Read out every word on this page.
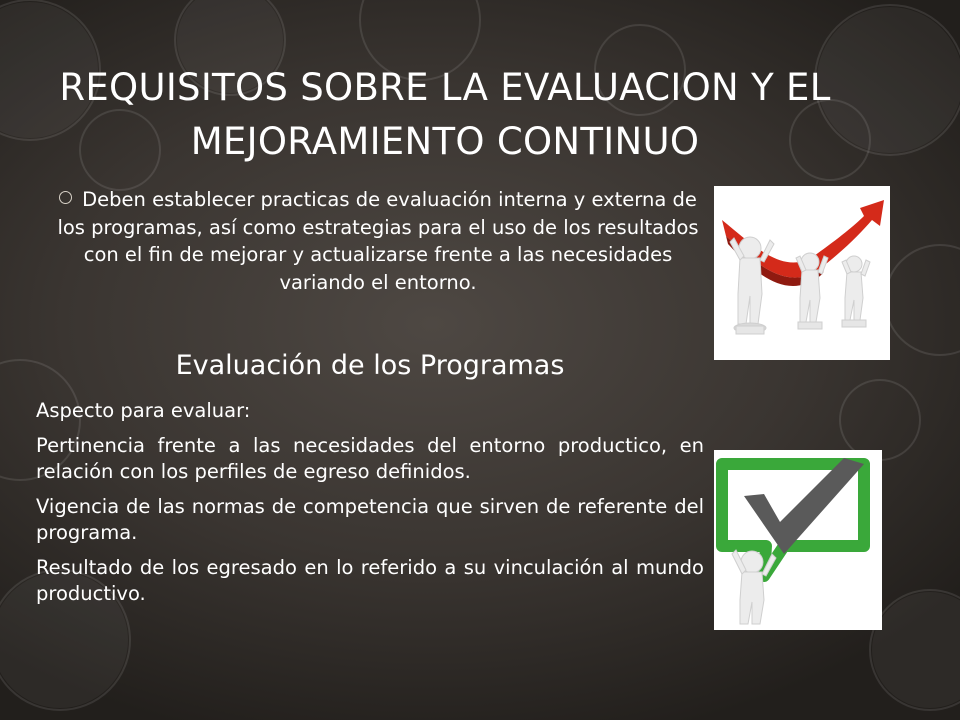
REQUISITOS SOBRE LA EVALUACION Y EL MEJORAMIENTO CONTINUO
Deben establecer practicas de evaluación interna y externa de los programas, así como estrategias para el uso de los resultados con el fin de mejorar y actualizarse frente a las necesidades variando el entorno.
Evaluación de los Programas

Aspecto para evaluar:

Pertinencia frente a las necesidades del entorno productico, en relación con los perfiles de egreso definidos.

Vigencia de las normas de competencia que sirven de referente del programa.

Resultado de los egresado en lo referido a su vinculación al mundo productivo.
